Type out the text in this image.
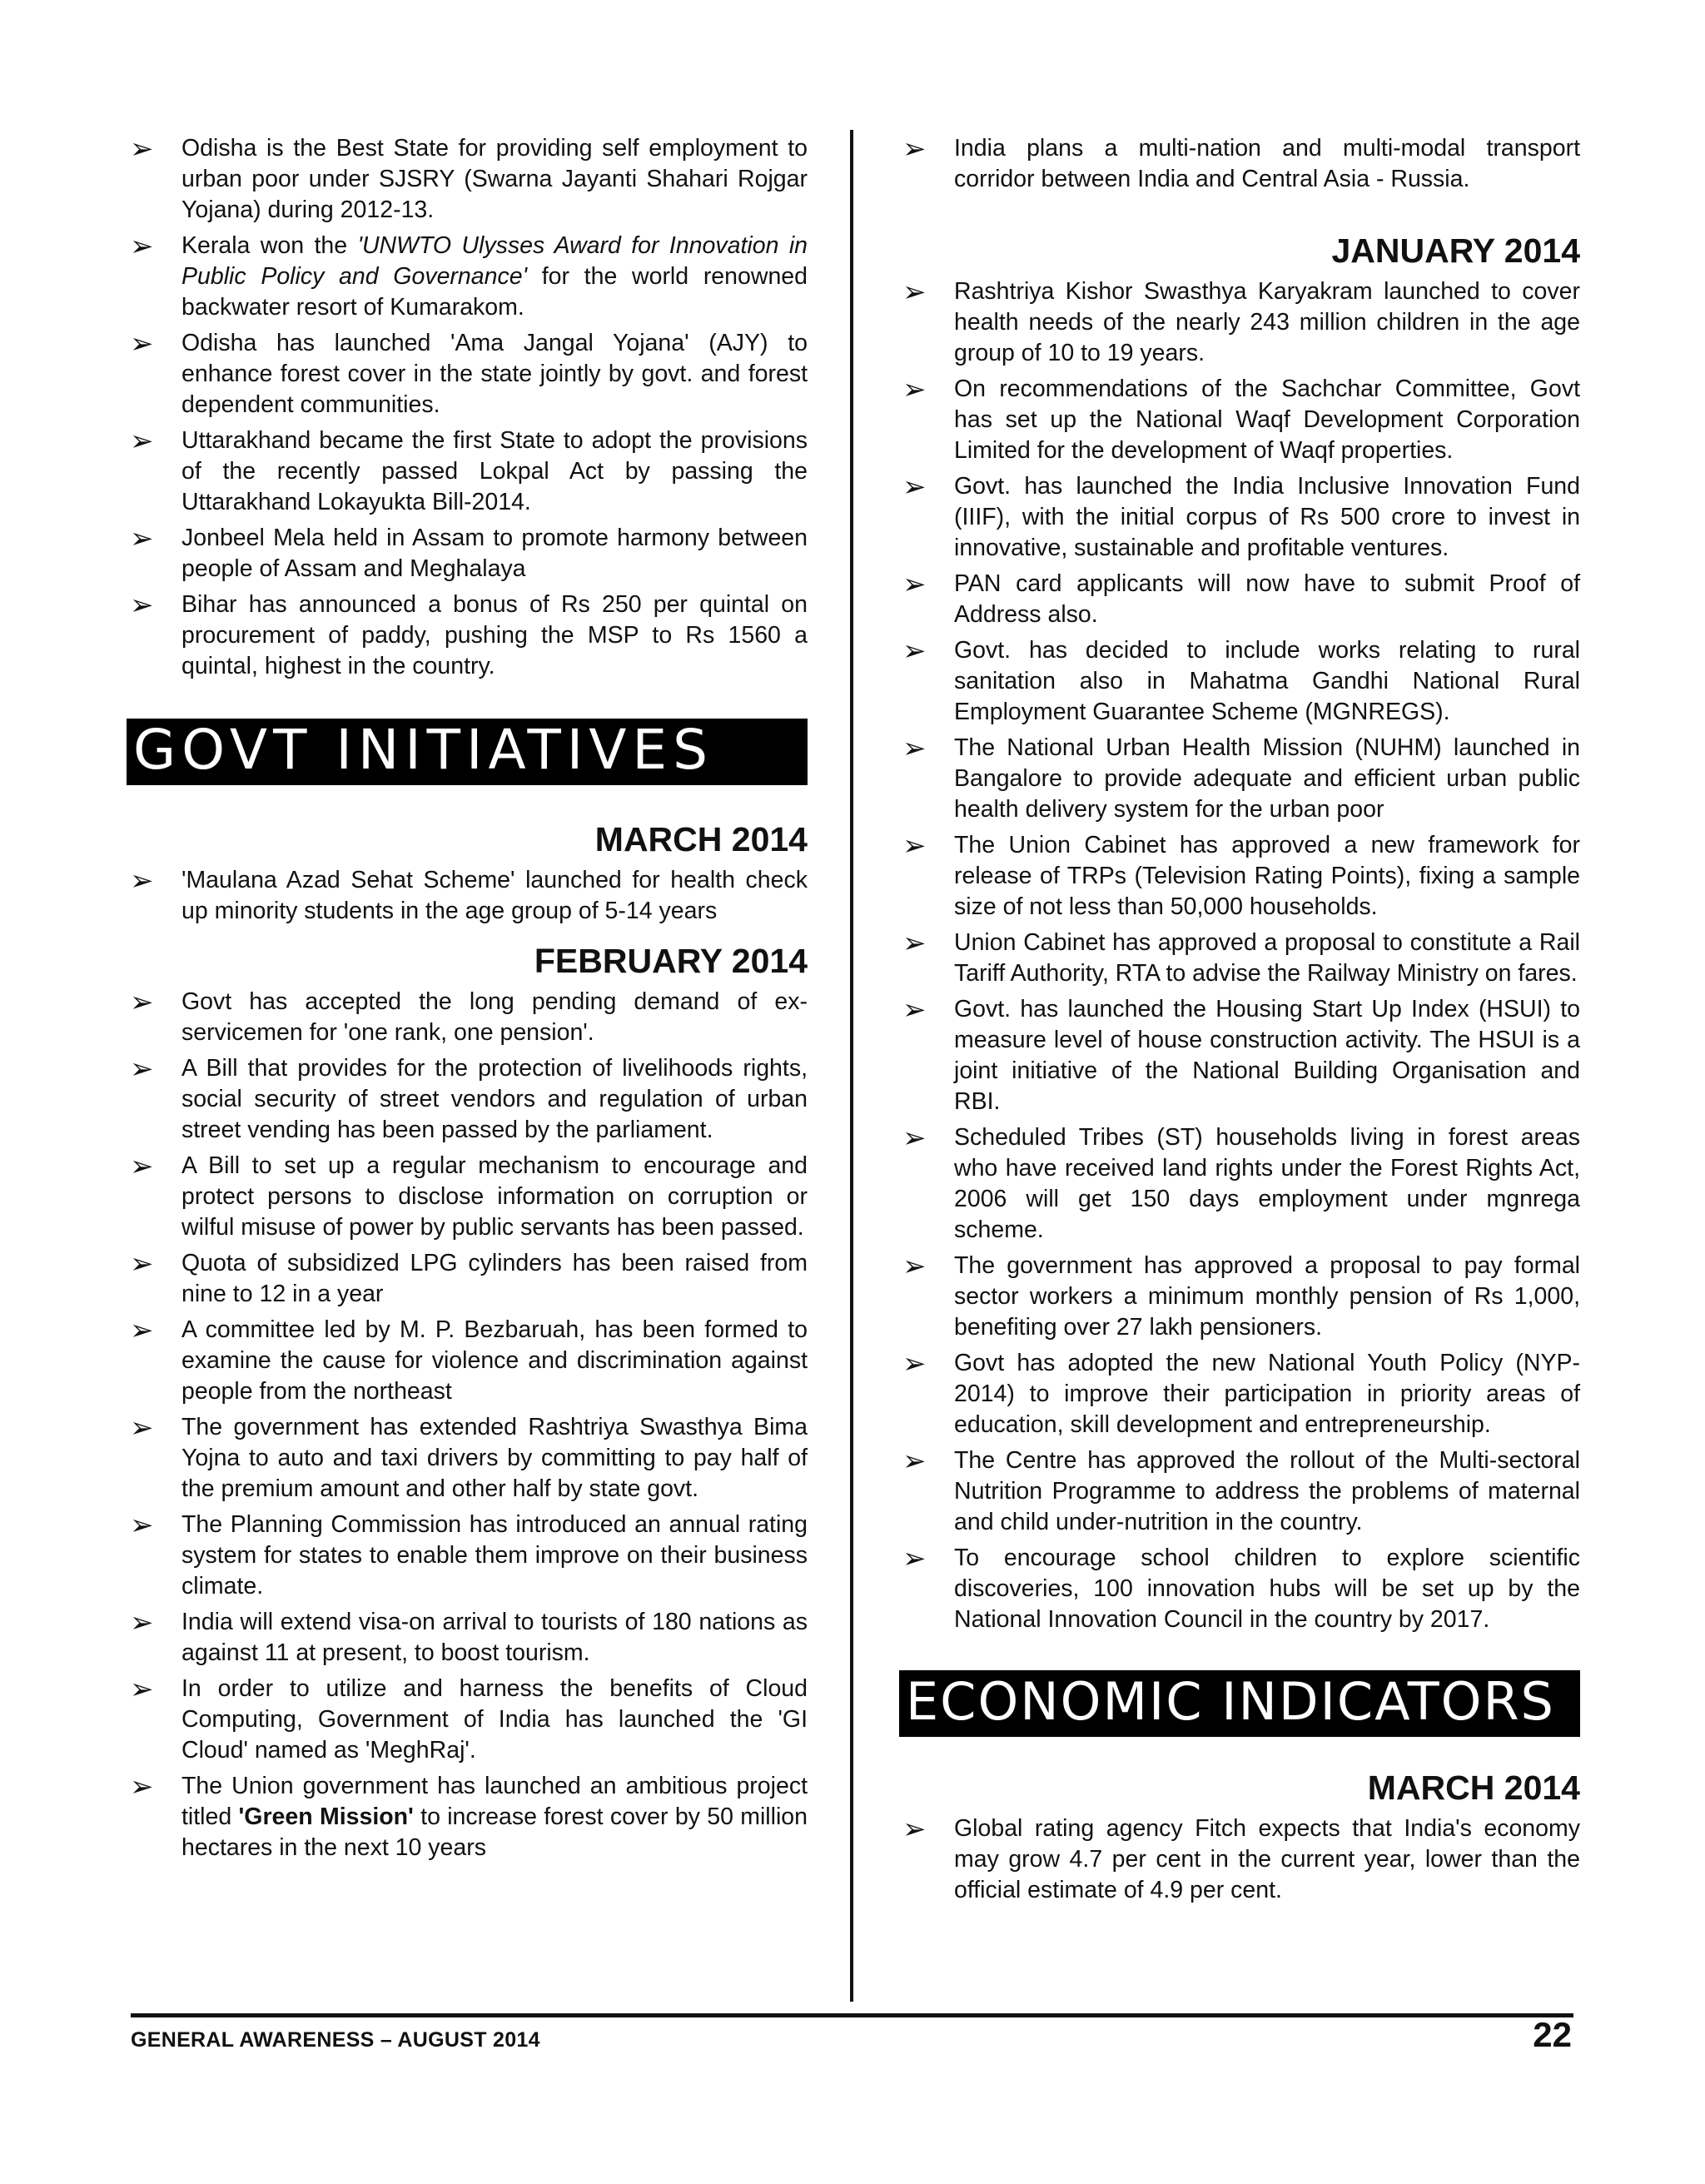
➢ Odisha is the Best State for providing self employment to urban poor under SJSRY (Swarna Jayanti Shahari Rojgar Yojana) during 2012-13.
➢ Kerala won the 'UNWTO Ulysses Award for Innovation in Public Policy and Governance' for the world renowned backwater resort of Kumarakom.
➢ Odisha has launched 'Ama Jangal Yojana' (AJY) to enhance forest cover in the state jointly by govt. and forest dependent communities.
➢ Uttarakhand became the first State to adopt the provisions of the recently passed Lokpal Act by passing the Uttarakhand Lokayukta Bill-2014.
➢ Jonbeel Mela held in Assam to promote harmony between people of Assam and Meghalaya
➢ Bihar has announced a bonus of Rs 250 per quintal on procurement of paddy, pushing the MSP to Rs 1560 a quintal, highest in the country.
GOVT INITIATIVES
MARCH 2014
➢ 'Maulana Azad Sehat Scheme' launched for health check up minority students in the age group of 5-14 years
FEBRUARY 2014
➢ Govt has accepted the long pending demand of ex-servicemen for 'one rank, one pension'.
➢ A Bill that provides for the protection of livelihoods rights, social security of street vendors and regulation of urban street vending has been passed by the parliament.
➢ A Bill to set up a regular mechanism to encourage and protect persons to disclose information on corruption or wilful misuse of power by public servants has been passed.
➢ Quota of subsidized LPG cylinders has been raised from nine to 12 in a year
➢ A committee led by M. P. Bezbaruah, has been formed to examine the cause for violence and discrimination against people from the northeast
➢ The government has extended Rashtriya Swasthya Bima Yojna to auto and taxi drivers by committing to pay half of the premium amount and other half by state govt.
➢ The Planning Commission has introduced an annual rating system for states to enable them improve on their business climate.
➢ India will extend visa-on arrival to tourists of 180 nations as against 11 at present, to boost tourism.
➢ In order to utilize and harness the benefits of Cloud Computing, Government of India has launched the 'GI Cloud' named as 'MeghRaj'.
➢ The Union government has launched an ambitious project titled 'Green Mission' to increase forest cover by 50 million hectares in the next 10 years
➢ India plans a multi-nation and multi-modal transport corridor between India and Central Asia - Russia.
JANUARY 2014
➢ Rashtriya Kishor Swasthya Karyakram launched to cover health needs of the nearly 243 million children in the age group of 10 to 19 years.
➢ On recommendations of the Sachchar Committee, Govt has set up the National Waqf Development Corporation Limited for the development of Waqf properties.
➢ Govt. has launched the India Inclusive Innovation Fund (IIIF), with the initial corpus of Rs 500 crore to invest in innovative, sustainable and profitable ventures.
➢ PAN card applicants will now have to submit Proof of Address also.
➢ Govt. has decided to include works relating to rural sanitation also in Mahatma Gandhi National Rural Employment Guarantee Scheme (MGNREGS).
➢ The National Urban Health Mission (NUHM) launched in Bangalore to provide adequate and efficient urban public health delivery system for the urban poor
➢ The Union Cabinet has approved a new framework for release of TRPs (Television Rating Points), fixing a sample size of not less than 50,000 households.
➢ Union Cabinet has approved a proposal to constitute a Rail Tariff Authority, RTA to advise the Railway Ministry on fares.
➢ Govt. has launched the Housing Start Up Index (HSUI) to measure level of house construction activity. The HSUI is a joint initiative of the National Building Organisation and RBI.
➢ Scheduled Tribes (ST) households living in forest areas who have received land rights under the Forest Rights Act, 2006 will get 150 days employment under mgnrega scheme.
➢ The government has approved a proposal to pay formal sector workers a minimum monthly pension of Rs 1,000, benefiting over 27 lakh pensioners.
➢ Govt has adopted the new National Youth Policy (NYP-2014) to improve their participation in priority areas of education, skill development and entrepreneurship.
➢ The Centre has approved the rollout of the Multi-sectoral Nutrition Programme to address the problems of maternal and child under-nutrition in the country.
➢ To encourage school children to explore scientific discoveries, 100 innovation hubs will be set up by the National Innovation Council in the country by 2017.
ECONOMIC INDICATORS
MARCH 2014
➢ Global rating agency Fitch expects that India's economy may grow 4.7 per cent in the current year, lower than the official estimate of 4.9 per cent.
GENERAL AWARENESS – AUGUST 2014	22
